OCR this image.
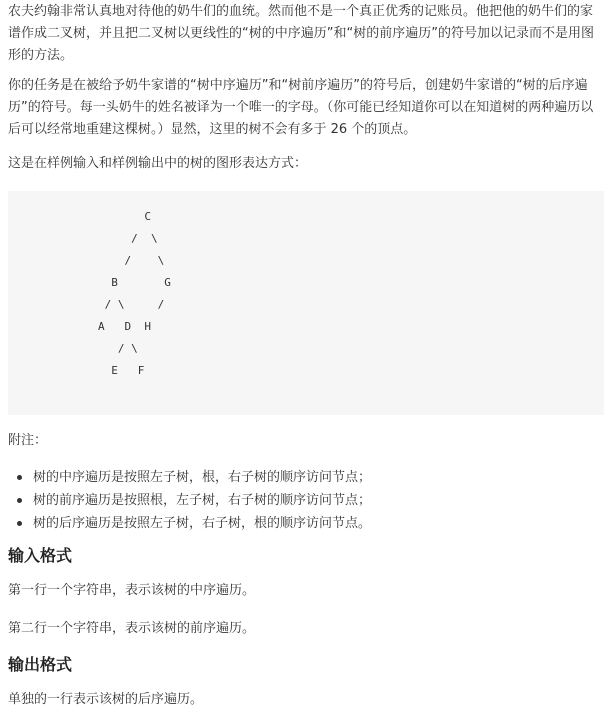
农夫约翰非常认真地对待他的奶牛们的血统。然而他不是一个真正优秀的记账员。他把他的奶牛们的家谱作成二叉树，并且把二叉树以更线性的“树的中序遍历”和“树的前序遍历”的符号加以记录而不是用图形的方法。

你的任务是在被给予奶牛家谱的“树中序遍历”和“树前序遍历”的符号后，创建奶牛家谱的“树的后序遍历”的符号。每一头奶牛的姓名被译为一个唯一的字母。（你可能已经知道你可以在知道树的两种遍历以后可以经常地重建这棵树。）显然，这里的树不会有多于 26 个的顶点。

这是在样例输入和样例输出中的树的图形表达方式：

C
/  \
/    \
B       G
/ \     /
A   D  H
/ \
E   F

附注：

树的中序遍历是按照左子树，根，右子树的顺序访问节点；
树的前序遍历是按照根，左子树，右子树的顺序访问节点；
树的后序遍历是按照左子树，右子树，根的顺序访问节点。
输入格式

第一行一个字符串，表示该树的中序遍历。

第二行一个字符串，表示该树的前序遍历。

输出格式

单独的一行表示该树的后序遍历。
